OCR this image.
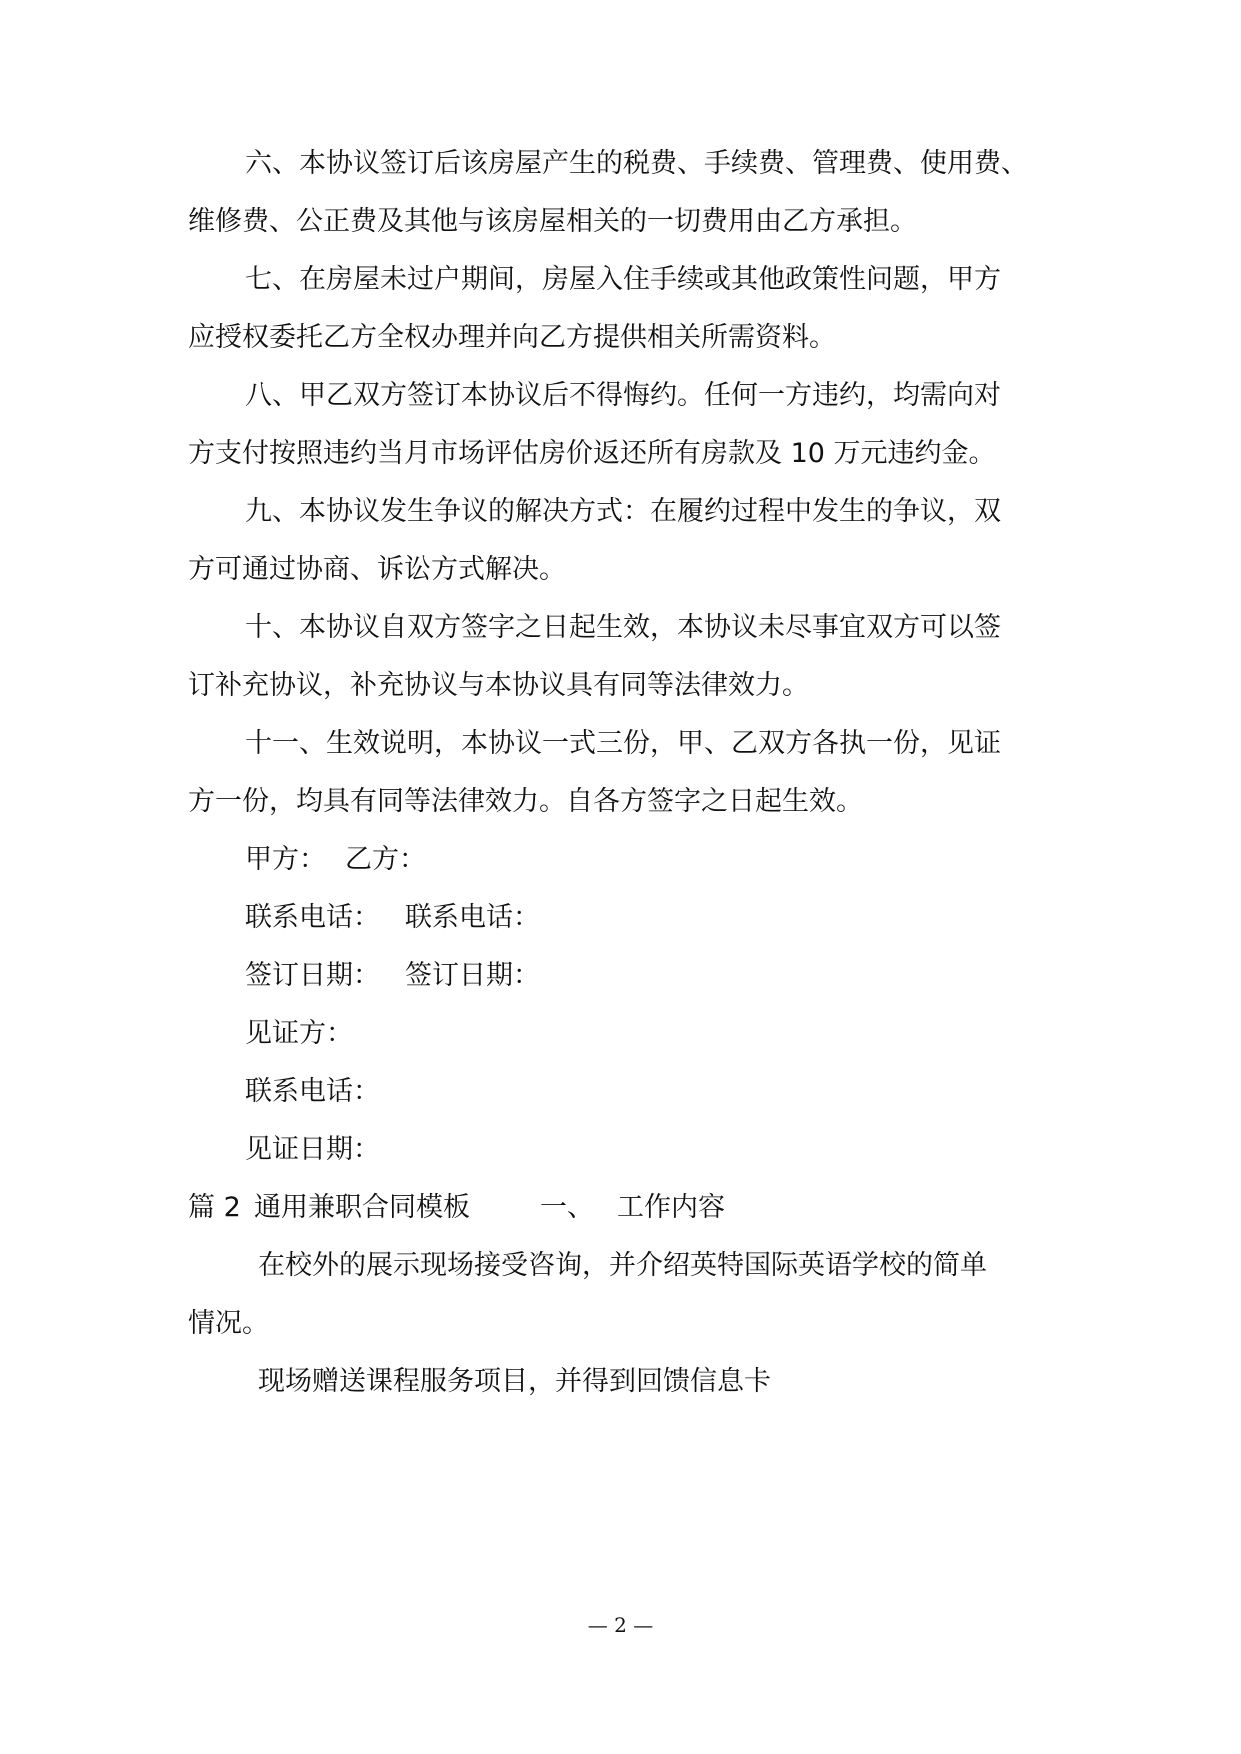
六、本协议签订后该房屋产生的税费、手续费、管理费、使用费、

维修费、公正费及其他与该房屋相关的一切费用由乙方承担。

七、在房屋未过户期间，房屋入住手续或其他政策性问题，甲方

应授权委托乙方全权办理并向乙方提供相关所需资料。

八、甲乙双方签订本协议后不得悔约。任何一方违约，均需向对

方支付按照违约当月市场评估房价返还所有房款及 10 万元违约金。

九、本协议发生争议的解决方式：在履约过程中发生的争议，双

方可通过协商、诉讼方式解决。

十、本协议自双方签字之日起生效，本协议未尽事宜双方可以签

订补充协议，补充协议与本协议具有同等法律效力。

十一、生效说明，本协议一式三份，甲、乙双方各执一份，见证

方一份，均具有同等法律效力。自各方签字之日起生效。

甲方： 乙方：
联系电话： 联系电话：
签订日期： 签订日期：

见证方：

联系电话：

见证日期：

篇 2 通用兼职合同模板	一、 工作内容

在校外的展示现场接受咨询，并介绍英特国际英语学校的简单

情况。

现场赠送课程服务项目，并得到回馈信息卡

— 2 —
